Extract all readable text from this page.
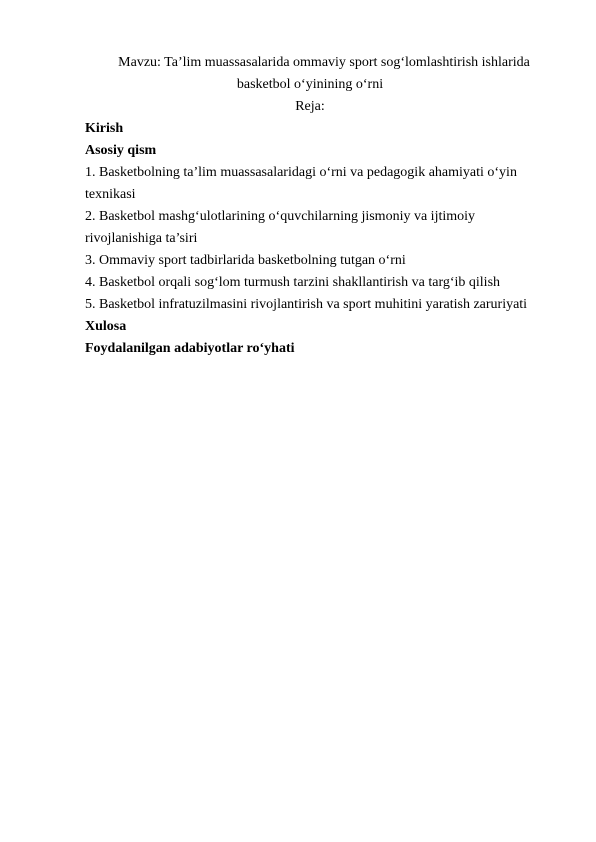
Mavzu: Ta’lim muassasalarida ommaviy sport sog‘lomlashtirish ishlarida
basketbol o‘yinining o‘rni
Reja:
Kirish
Asosiy qism
1. Basketbolning ta’lim muassasalaridagi o‘rni va pedagogik ahamiyati o‘yin
texnikasi
2. Basketbol mashg‘ulotlarining o‘quvchilarning jismoniy va ijtimoiy
rivojlanishiga ta’siri
3. Ommaviy sport tadbirlarida basketbolning tutgan o‘rni
4. Basketbol orqali sog‘lom turmush tarzini shakllantirish va targ‘ib qilish
5. Basketbol infratuzilmasini rivojlantirish va sport muhitini yaratish zaruriyati
Xulosa
Foydalanilgan adabiyotlar ro‘yhati
